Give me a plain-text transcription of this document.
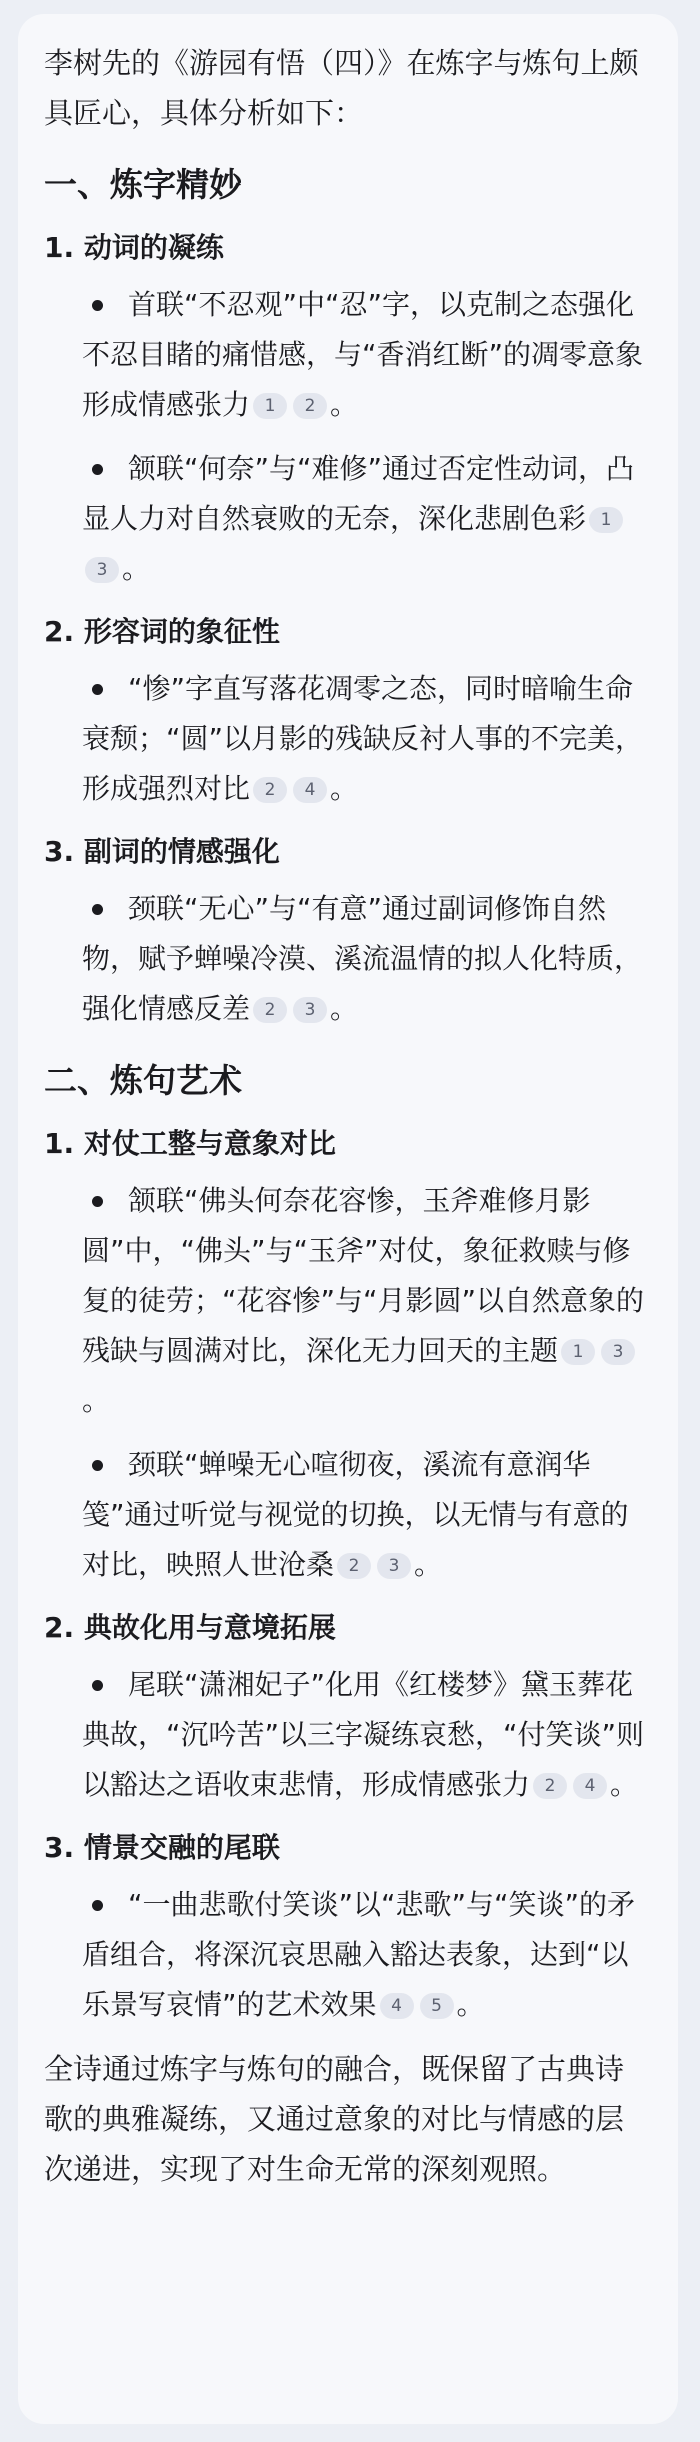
李树先的《游园有悟（四）》在炼字与炼句上颇具匠心，具体分析如下：

一、炼字精妙
1. 动词的凝练
首联“不忍观”中“忍”字，以克制之态强化不忍目睹的痛惜感，与“香消红断”的凋零意象形成情感张力 1 2 。
颔联“何奈”与“难修”通过否定性动词，凸显人力对自然衰败的无奈，深化悲剧色彩 13 。
2. 形容词的象征性
“惨”字直写落花凋零之态，同时暗喻生命衰颓；“圆”以月影的残缺反衬人事的不完美，形成强烈对比 2 4 。
3. 副词的情感强化
颈联“无心”与“有意”通过副词修饰自然物，赋予蝉噪冷漠、溪流温情的拟人化特质，强化情感反差 2 3 。
二、炼句艺术
1. 对仗工整与意象对比
颔联“佛头何奈花容惨，玉斧难修月影圆”中，“佛头”与“玉斧”对仗，象征救赎与修复的徒劳；“花容惨”与“月影圆”以自然意象的残缺与圆满对比，深化无力回天的主题 1 3。
颈联“蝉噪无心喧彻夜，溪流有意润华笺”通过听觉与视觉的切换，以无情与有意的对比，映照人世沧桑 2 3 。
2. 典故化用与意境拓展
尾联“潇湘妃子”化用《红楼梦》黛玉葬花典故，“沉吟苦”以三字凝练哀愁，“付笑谈”则以豁达之语收束悲情，形成情感张力 2 4 。
3. 情景交融的尾联
“一曲悲歌付笑谈”以“悲歌”与“笑谈”的矛盾组合，将深沉哀思融入豁达表象，达到“以乐景写哀情”的艺术效果 4 5 。

全诗通过炼字与炼句的融合，既保留了古典诗歌的典雅凝练，又通过意象的对比与情感的层次递进，实现了对生命无常的深刻观照。
